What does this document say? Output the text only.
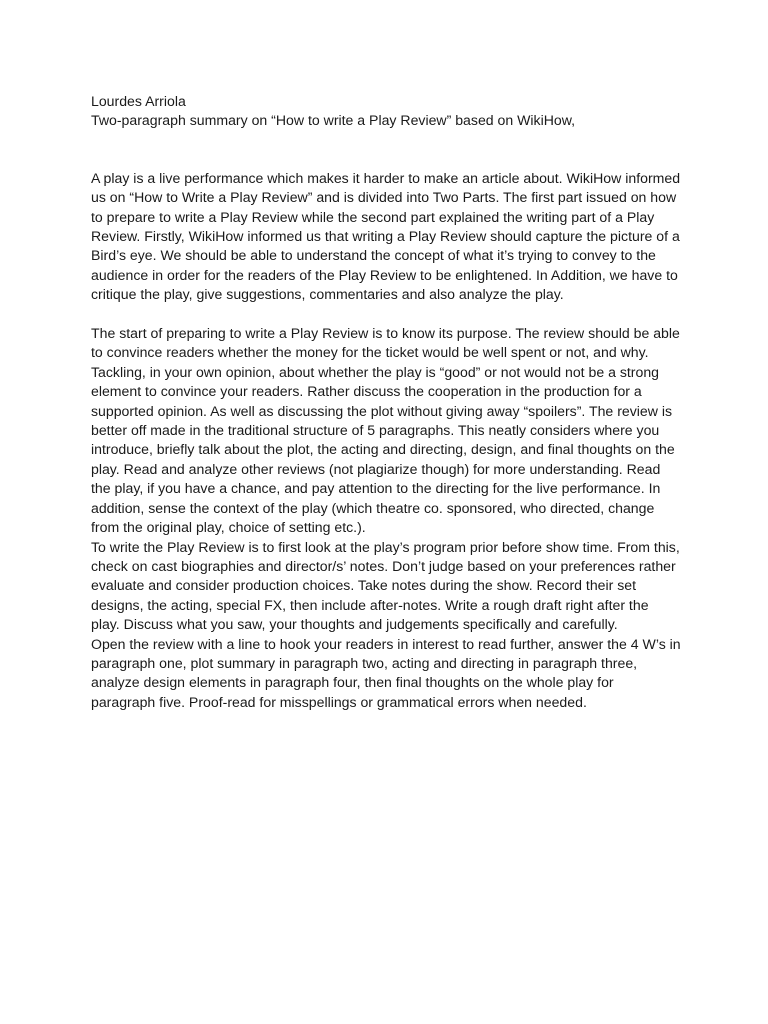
Lourdes Arriola

Two-paragraph summary on “How to write a Play Review” based on WikiHow,

A play is a live performance which makes it harder to make an article about. WikiHow informed us on “How to Write a Play Review” and is divided into Two Parts. The first part issued on how to prepare to write a Play Review while the second part explained the writing part of a Play Review. Firstly, WikiHow informed us that writing a Play Review should capture the picture of a Bird’s eye. We should be able to understand the concept of what it’s trying to convey to the audience in order for the readers of the Play Review to be enlightened. In Addition, we have to critique the play, give suggestions, commentaries and also analyze the play.

The start of preparing to write a Play Review is to know its purpose. The review should be able to convince readers whether the money for the ticket would be well spent or not, and why. Tackling, in your own opinion, about whether the play is “good” or not would not be a strong element to convince your readers. Rather discuss the cooperation in the production for a supported opinion. As well as discussing the plot without giving away “spoilers”. The review is better off made in the traditional structure of 5 paragraphs. This neatly considers where you introduce, briefly talk about the plot, the acting and directing, design, and final thoughts on the play. Read and analyze other reviews (not plagiarize though) for more understanding. Read the play, if you have a chance, and pay attention to the directing for the live performance. In addition, sense the context of the play (which theatre co. sponsored, who directed, change from the original play, choice of setting etc.).

To write the Play Review is to first look at the play’s program prior before show time. From this, check on cast biographies and director/s’ notes. Don’t judge based on your preferences rather evaluate and consider production choices. Take notes during the show. Record their set designs, the acting, special FX, then include after-notes. Write a rough draft right after the play. Discuss what you saw, your thoughts and judgements specifically and carefully.

Open the review with a line to hook your readers in interest to read further, answer the 4 W’s in paragraph one, plot summary in paragraph two, acting and directing in paragraph three, analyze design elements in paragraph four, then final thoughts on the whole play for paragraph five. Proof-read for misspellings or grammatical errors when needed.
